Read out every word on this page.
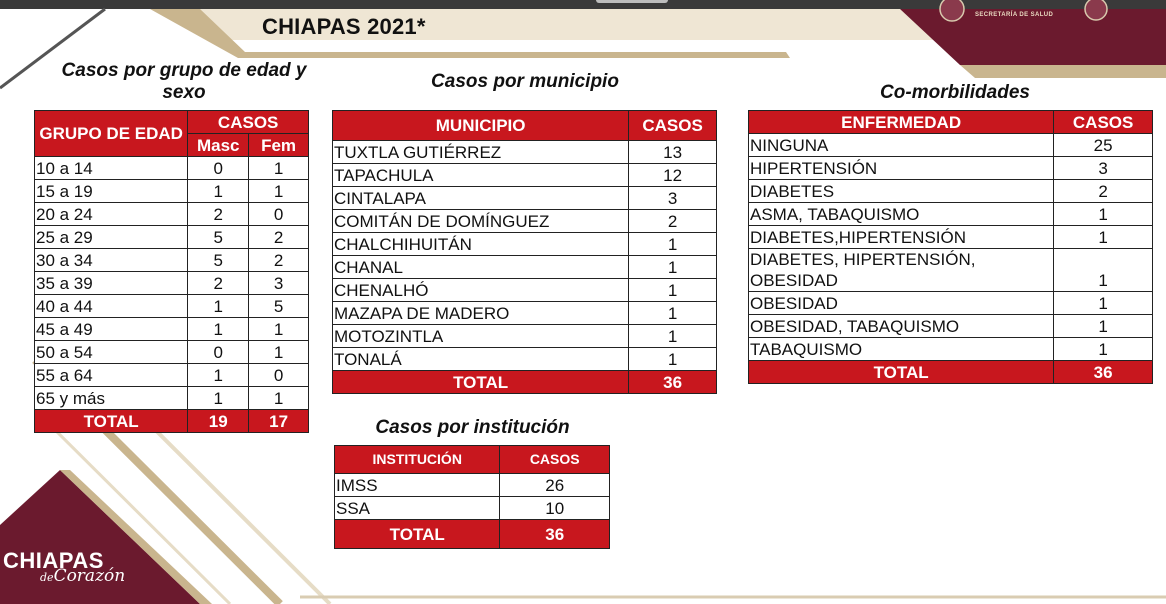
SECRETARÍA DE SALUD
CHIAPAS 2021*
Casos por grupo de edad y sexo
GRUPO DE EDAD	CASOS	
	Masc	Fem
10 a 14	0	1
15 a 19	1	1
20 a 24	2	0
25 a 29	5	2
30 a 34	5	2
35 a 39	2	3
40 a 44	1	5
45 a 49	1	1
50 a 54	0	1
55 a 64	1	0
65 y más	1	1
TOTAL	19	17
Casos por municipio
MUNICIPIO	CASOS
TUXTLA GUTIÉRREZ	13
TAPACHULA	12
CINTALAPA	3
COMITÁN DE DOMÍNGUEZ	2
CHALCHIHUITÁN	1
CHANAL	1
CHENALHÓ	1
MAZAPA DE MADERO	1
MOTOZINTLA	1
TONALÁ	1
TOTAL	36
Co-morbilidades
ENFERMEDAD	CASOS
NINGUNA	25
HIPERTENSIÓN	3
DIABETES	2
ASMA, TABAQUISMO	1
DIABETES,HIPERTENSIÓN	1
DIABETES, HIPERTENSIÓN, OBESIDAD	1
OBESIDAD	1
OBESIDAD, TABAQUISMO	1
TABAQUISMO	1
TOTAL	36
Casos por institución
INSTITUCIÓN	CASOS
IMSS	26
SSA	10
TOTAL	36
CHIAPAS
deCorazón
